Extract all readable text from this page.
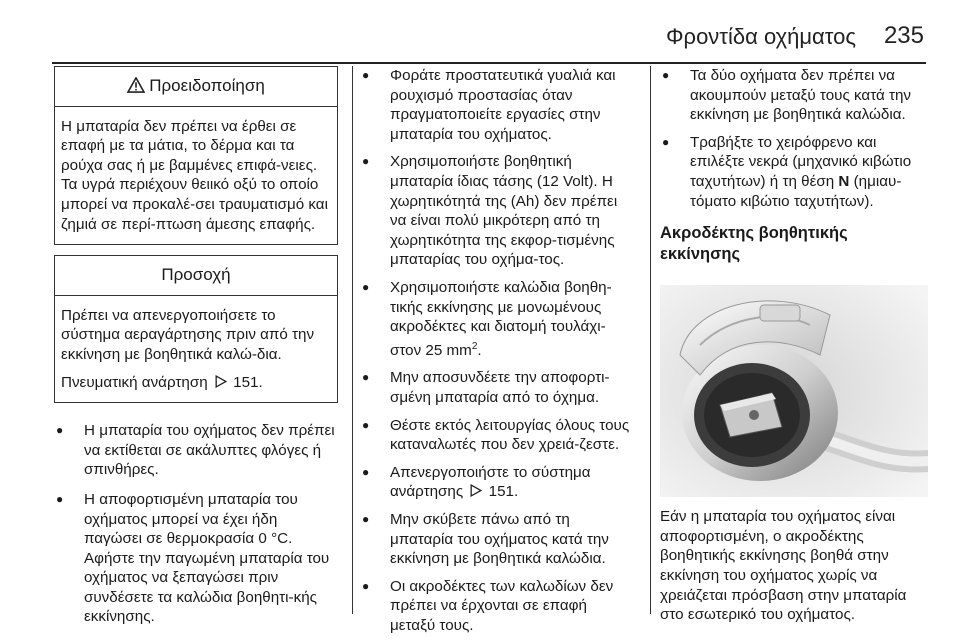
Φροντίδα οχήματος 235
Προειδοποίηση

Η μπαταρία δεν πρέπει να έρθει σε επαφή με τα μάτια, το δέρμα και τα ρούχα σας ή με βαμμένες επιφά-νειες. Τα υγρά περιέχουν θειικό οξύ το οποίο μπορεί να προκαλέ-σει τραυματισμό και ζημιά σε περί-πτωση άμεσης επαφής.

Προσοχή

Πρέπει να απενεργοποιήσετε το σύστημα αεραγάρτησης πριν από την εκκίνηση με βοηθητικά καλώ-δια.

Πνευματική ανάρτηση 151.

● Η μπαταρία του οχήματος δεν πρέπει να εκτίθεται σε ακάλυπτες φλόγες ή σπινθήρες.
● Η αποφορτισμένη μπαταρία του οχήματος μπορεί να έχει ήδη παγώσει σε θερμοκρασία 0 °C. Αφήστε την παγωμένη μπαταρία του οχήματος να ξεπαγώσει πριν συνδέσετε τα καλώδια βοηθητι-κής εκκίνησης.
● Φοράτε προστατευτικά γυαλιά και ρουχισμό προστασίας όταν πραγματοποιείτε εργασίες στην μπαταρία του οχήματος.
● Χρησιμοποιήστε βοηθητική μπαταρία ίδιας τάσης (12 Volt). Η χωρητικότητά της (Ah) δεν πρέπει να είναι πολύ μικρότερη από τη χωρητικότητα της εκφορ-τισμένης μπαταρίας του οχήμα-τος.
● Χρησιμοποιήστε καλώδια βοηθη-τικής εκκίνησης με μονωμένους ακροδέκτες και διατομή τουλάχι-στον 25 $mm^2$.
● Μην αποσυνδέετε την αποφορτι-σμένη μπαταρία από το όχημα.
● Θέστε εκτός λειτουργίας όλους τους καταναλωτές που δεν χρειά-ζεστε.
● Απενεργοποιήστε το σύστημα ανάρτησης 151.
● Μην σκύβετε πάνω από τη μπαταρία του οχήματος κατά την εκκίνηση με βοηθητικά καλώδια.
● Οι ακροδέκτες των καλωδίων δεν πρέπει να έρχονται σε επαφή μεταξύ τους.
● Τα δύο οχήματα δεν πρέπει να ακουμπούν μεταξύ τους κατά την εκκίνηση με βοηθητικά καλώδια.
● Τραβήξτε το χειρόφρενο και επιλέξτε νεκρά (μηχανικό κιβώτιο ταχυτήτων) ή τη θέση N (ημιαυ-τόματο κιβώτιο ταχυτήτων).
Ακροδέκτης βοηθητικής εκκίνησης

Εάν η μπαταρία του οχήματος είναι αποφορτισμένη, ο ακροδέκτης βοηθητικής εκκίνησης βοηθά στην εκκίνηση του οχήματος χωρίς να χρειάζεται πρόσβαση στην μπαταρία στο εσωτερικό του οχήματος.
